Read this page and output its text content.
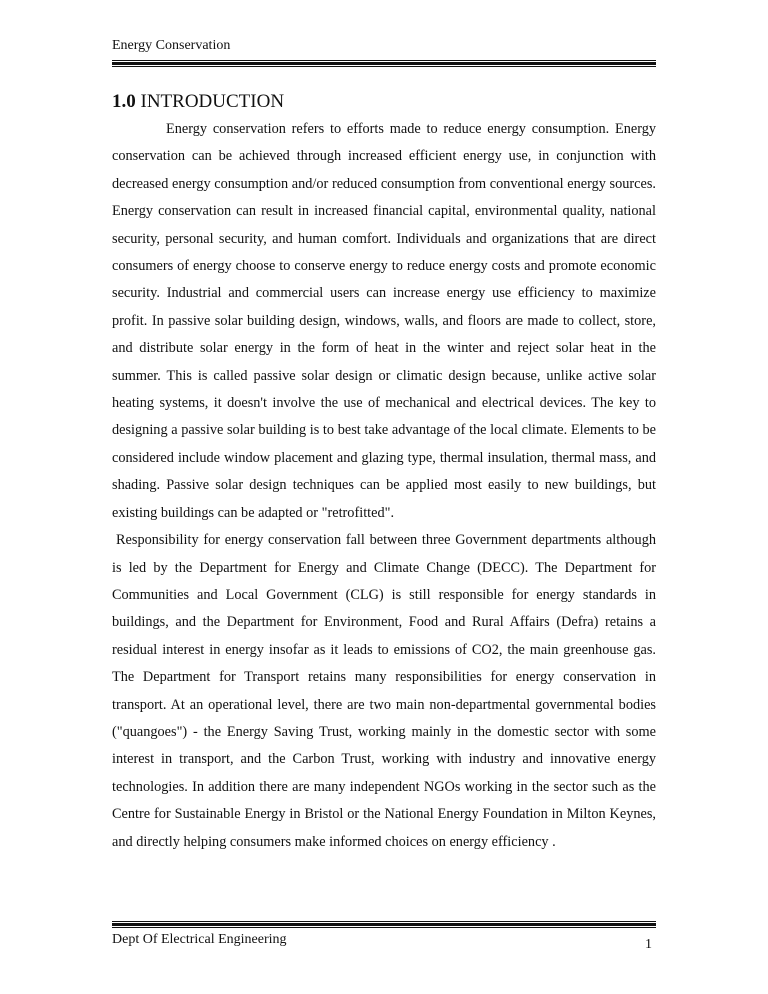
Energy Conservation
1.0 INTRODUCTION

Energy conservation refers to efforts made to reduce energy consumption. Energy conservation can be achieved through increased efficient energy use, in conjunction with decreased energy consumption and/or reduced consumption from conventional energy sources. Energy conservation can result in increased financial capital, environmental quality, national security, personal security, and human comfort. Individuals and organizations that are direct consumers of energy choose to conserve energy to reduce energy costs and promote economic security. Industrial and commercial users can increase energy use efficiency to maximize profit. In passive solar building design, windows, walls, and floors are made to collect, store, and distribute solar energy in the form of heat in the winter and reject solar heat in the summer. This is called passive solar design or climatic design because, unlike active solar heating systems, it doesn't involve the use of mechanical and electrical devices. The key to designing a passive solar building is to best take advantage of the local climate. Elements to be considered include window placement and glazing type, thermal insulation, thermal mass, and shading. Passive solar design techniques can be applied most easily to new buildings, but existing buildings can be adapted or "retrofitted".

Responsibility for energy conservation fall between three Government departments although is led by the Department for Energy and Climate Change (DECC). The Department for Communities and Local Government (CLG) is still responsible for energy standards in buildings, and the Department for Environment, Food and Rural Affairs (Defra) retains a residual interest in energy insofar as it leads to emissions of CO2, the main greenhouse gas. The Department for Transport retains many responsibilities for energy conservation in transport. At an operational level, there are two main non-departmental governmental bodies ("quangoes") - the Energy Saving Trust, working mainly in the domestic sector with some interest in transport, and the Carbon Trust, working with industry and innovative energy technologies. In addition there are many independent NGOs working in the sector such as the Centre for Sustainable Energy in Bristol or the National Energy Foundation in Milton Keynes, and directly helping consumers make informed choices on energy efficiency .

Dept Of Electrical Engineering	1
